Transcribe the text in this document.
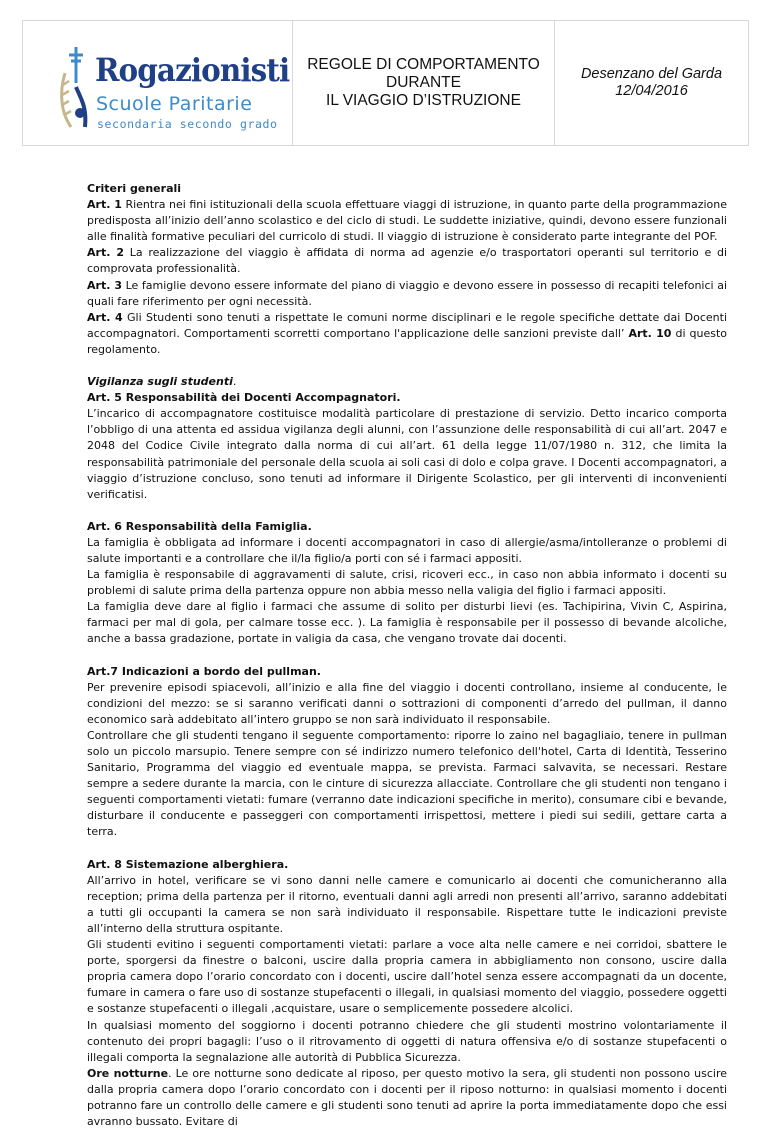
Rogazionisti
Scuole Paritarie
secondaria secondo grado
REGOLE DI COMPORTAMENTO
DURANTE
IL VIAGGIO D’ISTRUZIONE
Desenzano del Garda
12/04/2016

Criteri generali

Art. 1 Rientra nei fini istituzionali della scuola effettuare viaggi di istruzione, in quanto parte della programmazione predisposta all’inizio dell’anno scolastico e del ciclo di studi. Le suddette iniziative, quindi, devono essere funzionali alle finalità formative peculiari del curricolo di studi. Il viaggio di istruzione è considerato parte integrante del POF.

Art. 2 La realizzazione del viaggio è affidata di norma ad agenzie e/o trasportatori operanti sul territorio e di comprovata professionalità.

Art. 3 Le famiglie devono essere informate del piano di viaggio e devono essere in possesso di recapiti telefonici ai quali fare riferimento per ogni necessità.

Art. 4 Gli Studenti sono tenuti a rispettate le comuni norme disciplinari e le regole specifiche dettate dai Docenti accompagnatori. Comportamenti scorretti comportano l'applicazione delle sanzioni previste dall’ Art. 10 di questo regolamento.

Vigilanza sugli studenti.

Art. 5 Responsabilità dei Docenti Accompagnatori.

L’incarico di accompagnatore costituisce modalità particolare di prestazione di servizio. Detto incarico comporta l’obbligo di una attenta ed assidua vigilanza degli alunni, con l’assunzione delle responsabilità di cui all’art. 2047 e 2048 del Codice Civile integrato dalla norma di cui all’art. 61 della legge 11/07/1980 n. 312, che limita la responsabilità patrimoniale del personale della scuola ai soli casi di dolo e colpa grave. I Docenti accompagnatori, a viaggio d’istruzione concluso, sono tenuti ad informare il Dirigente Scolastico, per gli interventi di inconvenienti verificatisi.

Art. 6 Responsabilità della Famiglia.

La famiglia è obbligata ad informare i docenti accompagnatori in caso di allergie/asma/intolleranze o problemi di salute importanti e a controllare che il/la figlio/a porti con sé i farmaci appositi.

La famiglia è responsabile di aggravamenti di salute, crisi, ricoveri ecc., in caso non abbia informato i docenti su problemi di salute prima della partenza oppure non abbia messo nella valigia del figlio i farmaci appositi.

La famiglia deve dare al figlio i farmaci che assume di solito per disturbi lievi (es. Tachipirina, Vivin C, Aspirina, farmaci per mal di gola, per calmare tosse ecc. ). La famiglia è responsabile per il possesso di bevande alcoliche, anche a bassa gradazione, portate in valigia da casa, che vengano trovate dai docenti.

Art.7 Indicazioni a bordo del pullman.

Per prevenire episodi spiacevoli, all’inizio e alla fine del viaggio i docenti controllano, insieme al conducente, le condizioni del mezzo: se si saranno verificati danni o sottrazioni di componenti d’arredo del pullman, il danno economico sarà addebitato all’intero gruppo se non sarà individuato il responsabile.

Controllare che gli studenti tengano il seguente comportamento: riporre lo zaino nel bagagliaio, tenere in pullman solo un piccolo marsupio. Tenere sempre con sé indirizzo numero telefonico dell'hotel, Carta di Identità, Tesserino Sanitario, Programma del viaggio ed eventuale mappa, se prevista. Farmaci salvavita, se necessari. Restare sempre a sedere durante la marcia, con le cinture di sicurezza allacciate. Controllare che gli studenti non tengano i seguenti comportamenti vietati: fumare (verranno date indicazioni specifiche in merito), consumare cibi e bevande, disturbare il conducente e passeggeri con comportamenti irrispettosi, mettere i piedi sui sedili, gettare carta a terra.

Art. 8 Sistemazione alberghiera.

All’arrivo in hotel, verificare se vi sono danni nelle camere e comunicarlo ai docenti che comunicheranno alla reception; prima della partenza per il ritorno, eventuali danni agli arredi non presenti all’arrivo, saranno addebitati a tutti gli occupanti la camera se non sarà individuato il responsabile. Rispettare tutte le indicazioni previste all’interno della struttura ospitante.

Gli studenti evitino i seguenti comportamenti vietati: parlare a voce alta nelle camere e nei corridoi, sbattere le porte, sporgersi da finestre o balconi, uscire dalla propria camera in abbigliamento non consono, uscire dalla propria camera dopo l’orario concordato con i docenti, uscire dall’hotel senza essere accompagnati da un docente, fumare in camera o fare uso di sostanze stupefacenti o illegali, in qualsiasi momento del viaggio, possedere oggetti e sostanze stupefacenti o illegali ,acquistare, usare o semplicemente possedere alcolici.

In qualsiasi momento del soggiorno i docenti potranno chiedere che gli studenti mostrino volontariamente il contenuto dei propri bagagli: l’uso o il ritrovamento di oggetti di natura offensiva e/o di sostanze stupefacenti o illegali comporta la segnalazione alle autorità di Pubblica Sicurezza.

Ore notturne. Le ore notturne sono dedicate al riposo, per questo motivo la sera, gli studenti non possono uscire dalla propria camera dopo l’orario concordato con i docenti per il riposo notturno: in qualsiasi momento i docenti potranno fare un controllo delle camere e gli studenti sono tenuti ad aprire la porta immediatamente dopo che essi avranno bussato. Evitare di
